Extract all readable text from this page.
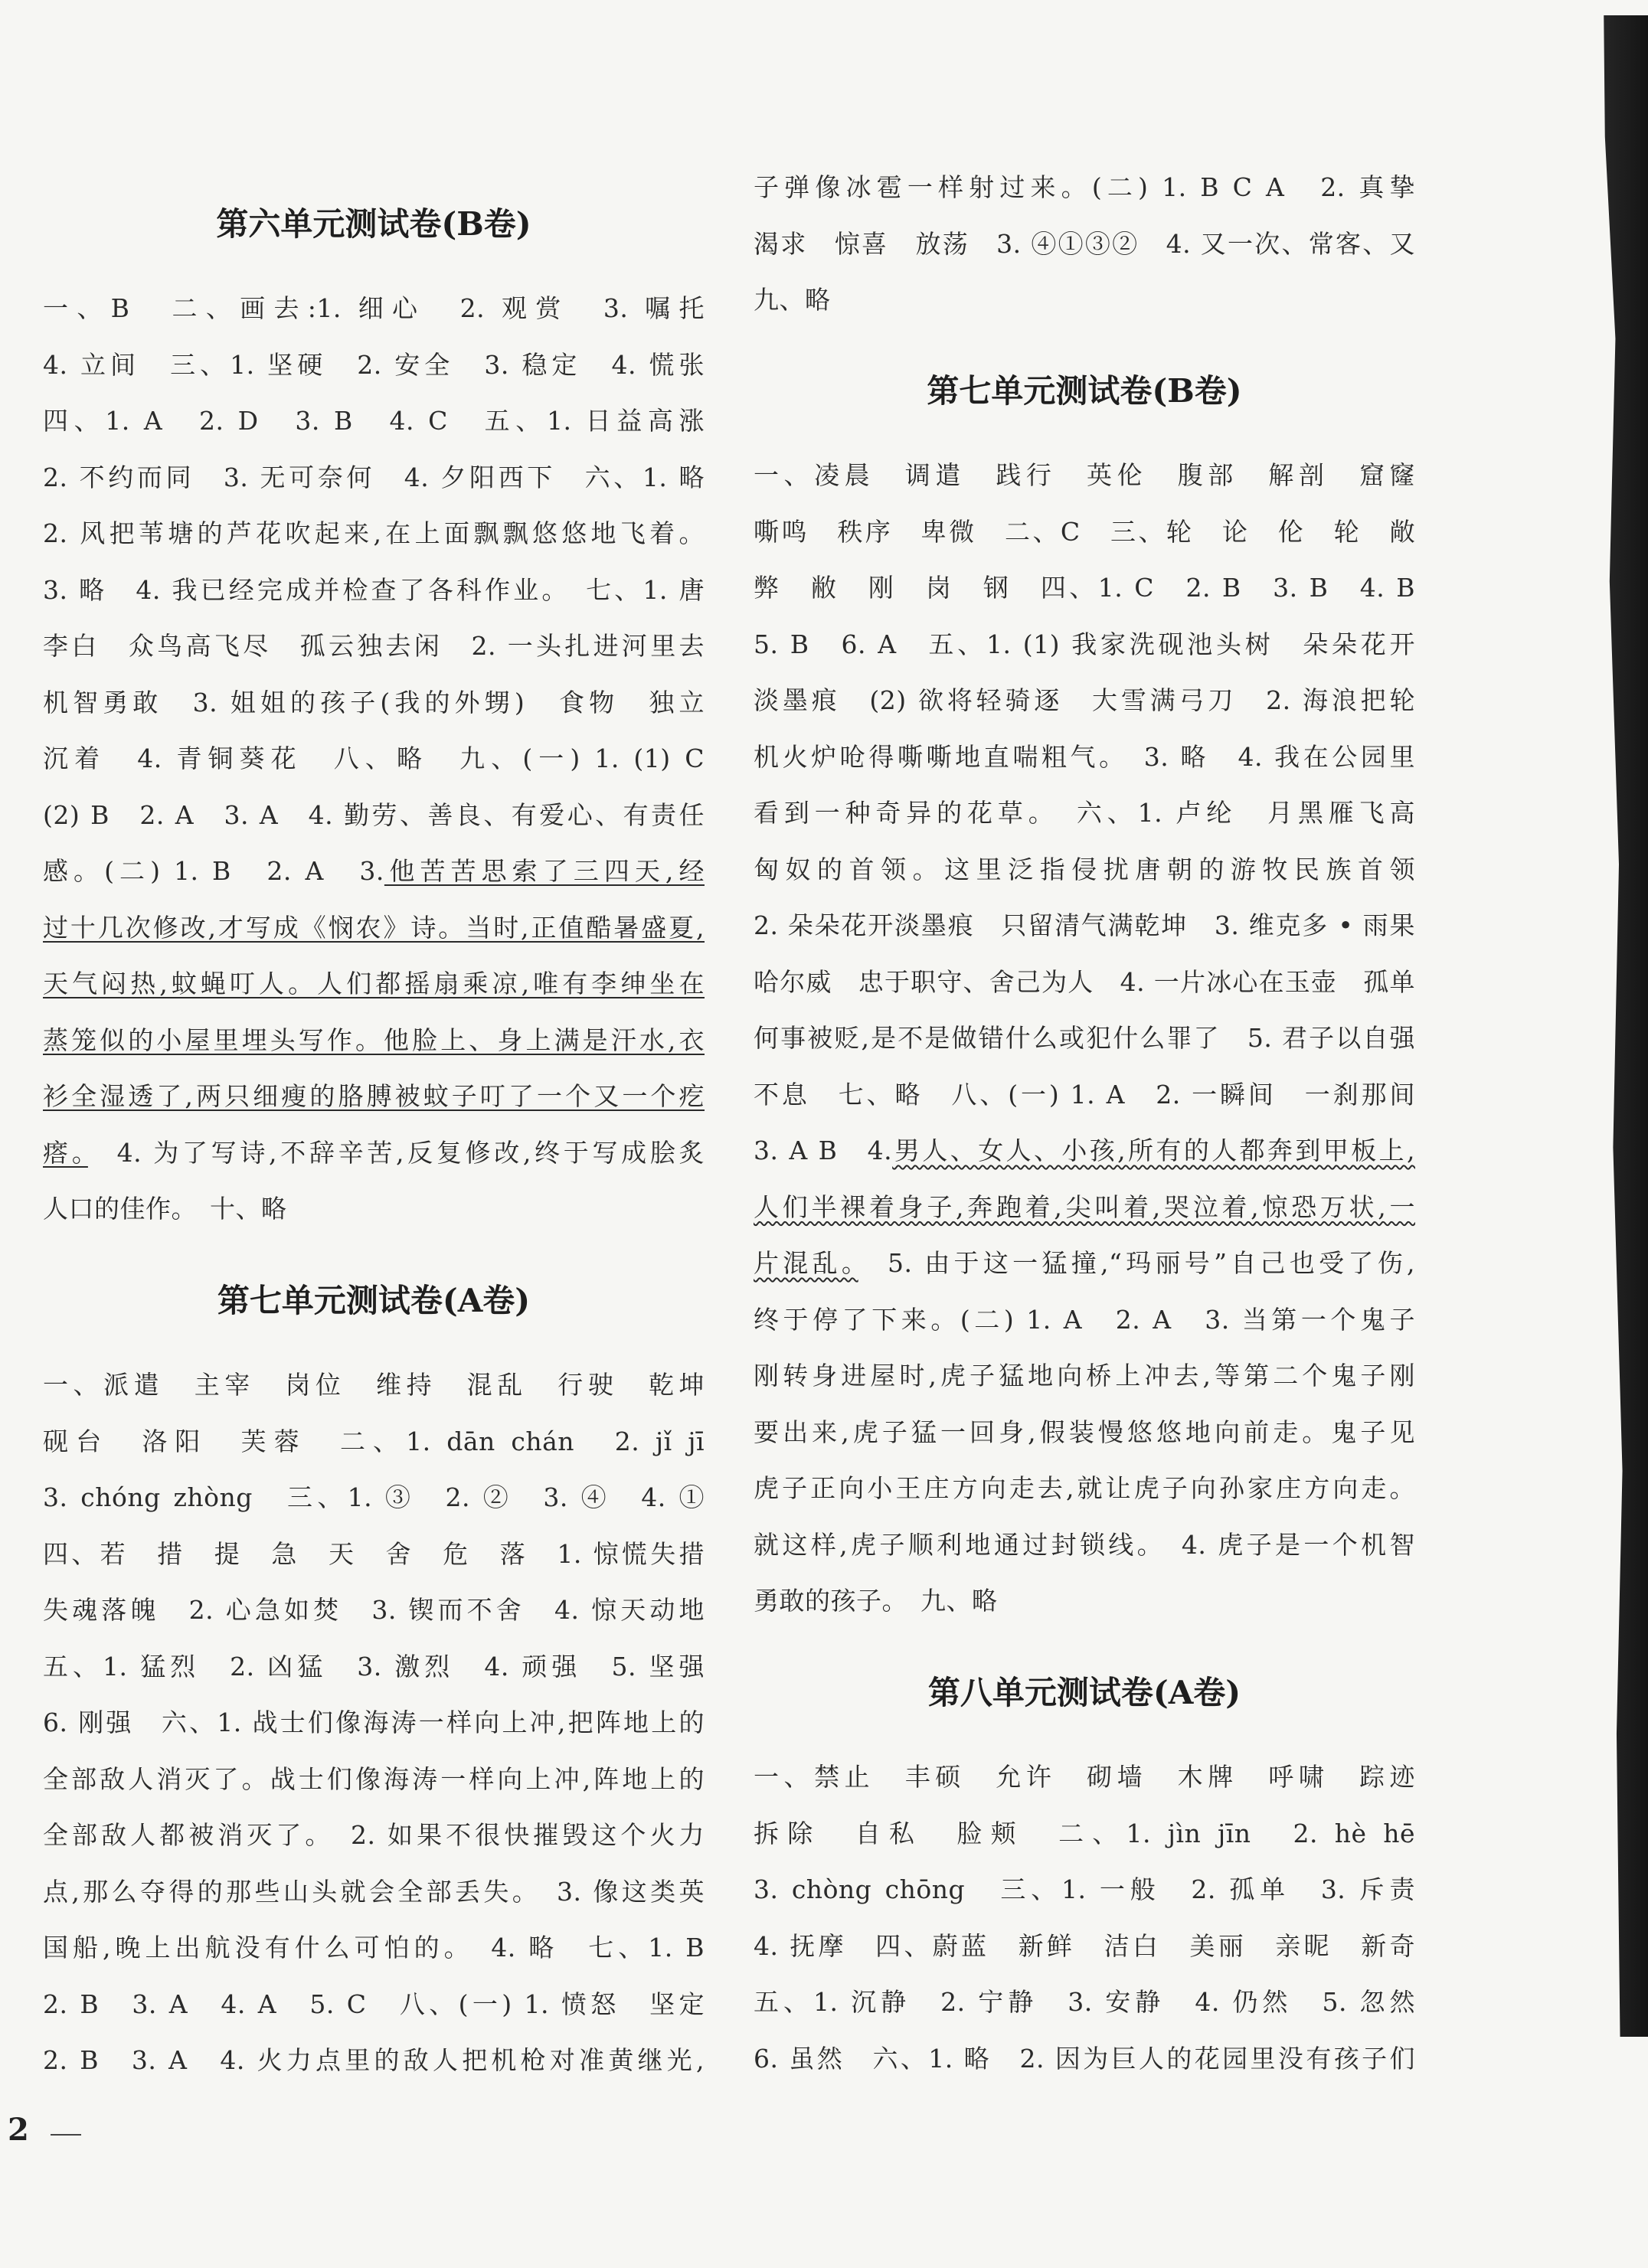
第六单元测试卷(B卷)
一、B　二、画去:1. 细心　2. 观赏　3. 嘱托
4. 立间　三、1. 坚硬　2. 安全　3. 稳定　4. 慌张
四、1. A　2. D　3. B　4. C　五、1. 日益高涨
2. 不约而同　3. 无可奈何　4. 夕阳西下　六、1. 略
2. 风把苇塘的芦花吹起来,在上面飘飘悠悠地飞着。
3. 略　4. 我已经完成并检查了各科作业。　七、1. 唐
李白　众鸟高飞尽　孤云独去闲　2. 一头扎进河里去
机智勇敢　3. 姐姐的孩子(我的外甥)　食物　独立
沉着　4. 青铜葵花　八、略　九、(一) 1. (1) C
(2) B　2. A　3. A　4. 勤劳、善良、有爱心、有责任
感。(二) 1. B　2. A　3.他苦苦思索了三四天,经
过十几次修改,才写成《悯农》诗。当时,正值酷暑盛夏,
天气闷热,蚊蝇叮人。人们都摇扇乘凉,唯有李绅坐在
蒸笼似的小屋里埋头写作。他脸上、身上满是汗水,衣
衫全湿透了,两只细瘦的胳膊被蚊子叮了一个又一个疙
瘩。　 4. 为了写诗,不辞辛苦,反复修改,终于写成脍炙
人口的佳作。　十、略
第七单元测试卷(A卷)
一、派遣　主宰　岗位　维持　混乱　行驶　乾坤
砚台　洛阳　芙蓉　二、1. dān chán　2. jǐ jī
3. chóng zhòng　三、1. ③　2. ②　3. ④　4. ①
四、若　措　提　急　天　舍　危　落　1. 惊慌失措
失魂落魄　2. 心急如焚　3. 锲而不舍　4. 惊天动地
五、1. 猛烈　2. 凶猛　3. 激烈　4. 顽强　5. 坚强
6. 刚强　六、1. 战士们像海涛一样向上冲,把阵地上的
全部敌人消灭了。战士们像海涛一样向上冲,阵地上的
全部敌人都被消灭了。　2. 如果不很快摧毁这个火力
点,那么夺得的那些山头就会全部丢失。　3. 像这类英
国船,晚上出航没有什么可怕的。　4. 略　七、1. B
2. B　3. A　4. A　5. C　八、(一) 1. 愤怒　坚定
2. B　3. A　4. 火力点里的敌人把机枪对准黄继光,
子弹像冰雹一样射过来。(二) 1. B C A　2. 真挚
渴求　惊喜　放荡　3. ④①③②　4. 又一次、常客、又
九、略
第七单元测试卷(B卷)
一、凌晨　调遣　践行　英伦　腹部　解剖　窟窿
嘶鸣　秩序　卑微　二、C　三、轮　论　伦　轮　敞
弊　敝　刚　岗　钢　四、1. C　2. B　3. B　4. B
5. B　6. A　五、1. (1) 我家洗砚池头树　朵朵花开
淡墨痕　(2) 欲将轻骑逐　大雪满弓刀　2. 海浪把轮
机火炉呛得嘶嘶地直喘粗气。　3. 略　4. 我在公园里
看到一种奇异的花草。　六、1. 卢纶　月黑雁飞高
匈奴的首领。这里泛指侵扰唐朝的游牧民族首领
2. 朵朵花开淡墨痕　只留清气满乾坤　3. 维克多 • 雨果
哈尔威　忠于职守、舍己为人　4. 一片冰心在玉壶　孤单
何事被贬,是不是做错什么或犯什么罪了　5. 君子以自强
不息　七、略　八、(一) 1. A　2. 一瞬间　一刹那间
3. A B　4.男人、女人、小孩,所有的人都奔到甲板上,
人们半裸着身子,奔跑着,尖叫着,哭泣着,惊恐万状,一
片混乱。　 5. 由于这一猛撞,“玛丽号”自己也受了伤,
终于停了下来。(二) 1. A　2. A　3. 当第一个鬼子
刚转身进屋时,虎子猛地向桥上冲去,等第二个鬼子刚
要出来,虎子猛一回身,假装慢悠悠地向前走。鬼子见
虎子正向小王庄方向走去,就让虎子向孙家庄方向走。
就这样,虎子顺利地通过封锁线。　4. 虎子是一个机智
勇敢的孩子。　九、略
第八单元测试卷(A卷)
一、禁止　丰硕　允许　砌墙　木牌　呼啸　踪迹
拆除　自私　脸颊　二、1. jìn jīn　2. hè hē
3. chòng chōng　三、1. 一般　2. 孤单　3. 斥责
4. 抚摩　四、蔚蓝　新鲜　洁白　美丽　亲昵　新奇
五、1. 沉静　2. 宁静　3. 安静　4. 仍然　5. 忽然
6. 虽然　六、1. 略　2. 因为巨人的花园里没有孩子们
2
